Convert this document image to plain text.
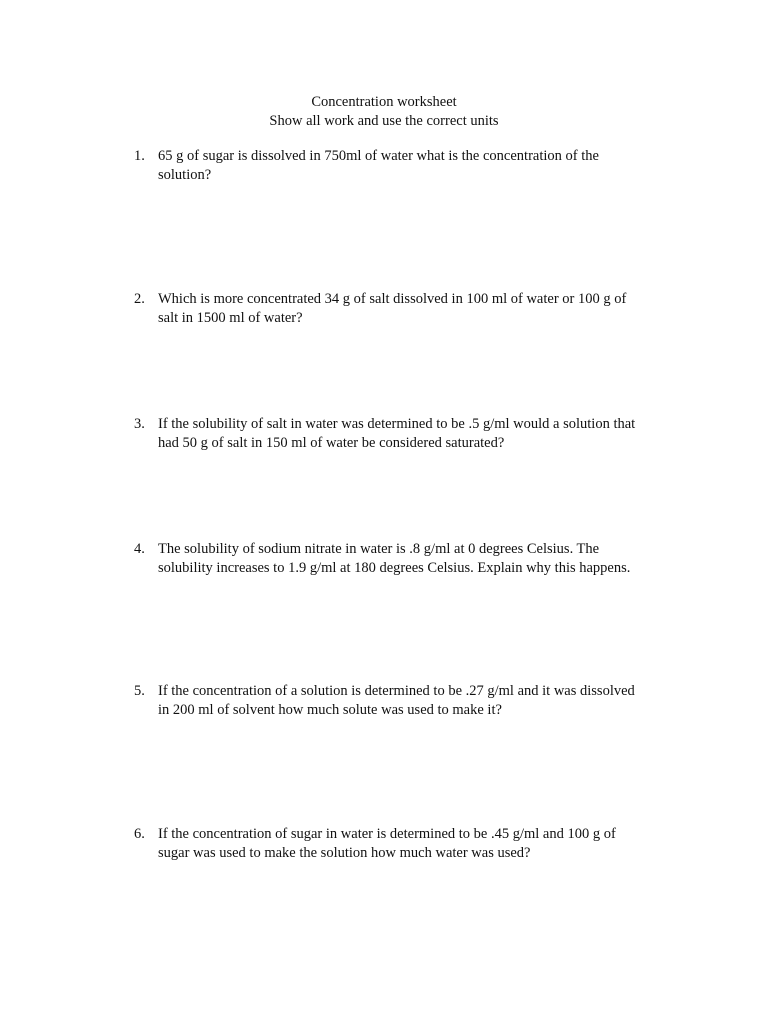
Concentration worksheet
Show all work and use the correct units
1. 65 g of sugar is dissolved in 750ml of water what is the concentration of the
solution?
2. Which is more concentrated 34 g of salt dissolved in 100 ml of water or 100 g of
salt in 1500 ml of water?
3. If the solubility of salt in water was determined to be .5 g/ml would a solution that
had 50 g of salt in 150 ml of water be considered saturated?
4. The solubility of sodium nitrate in water is .8 g/ml at 0 degrees Celsius. The
solubility increases to 1.9 g/ml at 180 degrees Celsius. Explain why this happens.
5. If the concentration of a solution is determined to be .27 g/ml and it was dissolved
in 200 ml of solvent how much solute was used to make it?
6. If the concentration of sugar in water is determined to be .45 g/ml and 100 g of
sugar was used to make the solution how much water was used?
